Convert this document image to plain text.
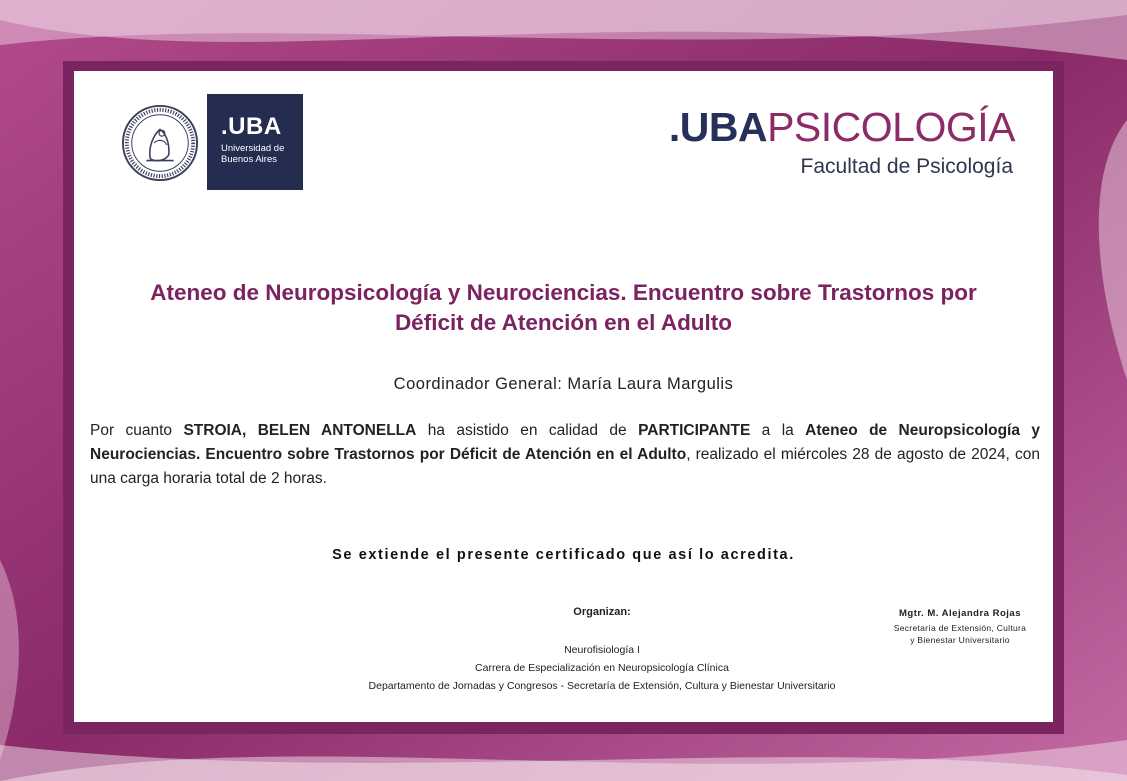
.UBA
Universidad de
Buenos Aires
.UBAPSICOLOGÍA
Facultad de Psicología
Ateneo de Neuropsicología y Neurociencias. Encuentro sobre Trastornos por
Déficit de Atención en el Adulto
Coordinador General: María Laura Margulis
Por cuanto STROIA, BELEN ANTONELLA ha asistido en calidad de PARTICIPANTE a la Ateneo de Neuropsicología y Neurociencias. Encuentro sobre Trastornos por Déficit de Atención en el Adulto, realizado el miércoles 28 de agosto de 2024, con una carga horaria total de 2 horas.
Se extiende el presente certificado que así lo acredita.
Organizan:
Neurofisiología I
Carrera de Especialización en Neuropsicología Clínica
Departamento de Jornadas y Congresos - Secretaría de Extensión, Cultura y Bienestar Universitario
Mgtr. M. Alejandra Rojas
Secretaría de Extensión, Cultura
y Bienestar Universitario
